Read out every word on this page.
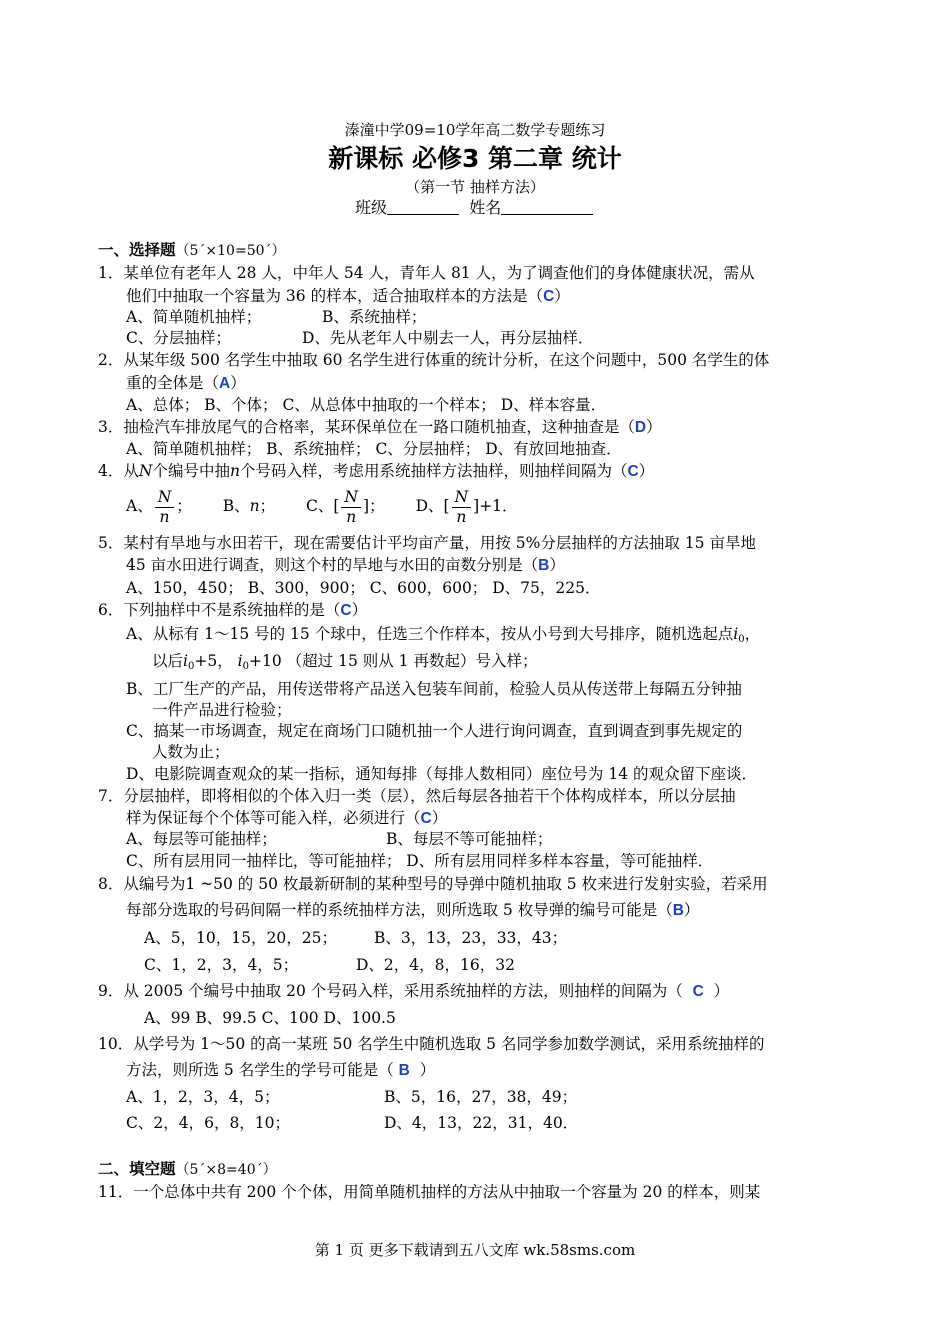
溱潼中学09=10学年高二数学专题练习
新课标 必修3 第二章 统计
（第一节 抽样方法）
班级	姓名
一、选择题（5´×10=50´）
1．某单位有老年人 28 人，中年人 54 人，青年人 81 人，为了调查他们的身体健康状况，需从
他们中抽取一个容量为 36 的样本，适合抽取样本的方法是（C）
A、简单随机抽样；	B、系统抽样；
C、分层抽样；	D、先从老年人中剔去一人，再分层抽样．
2．从某年级 500 名学生中抽取 60 名学生进行体重的统计分析，在这个问题中，500 名学生的体
重的全体是（A）
A、总体； B、个体； C、从总体中抽取的一个样本； D、样本容量．
3．抽检汽车排放尾气的合格率，某环保单位在一路口随机抽查，这种抽查是（D）
A、简单随机抽样； B、系统抽样； C、分层抽样； D、有放回地抽查．
4．从N个编号中抽n个号码入样，考虑用系统抽样方法抽样，则抽样间隔为（C）
A、 $\frac{N}{n}$ ； B、n； C、[ $\frac{N}{n}$ ]； D、[ $\frac{N}{n} ]+1$．
5．某村有旱地与水田若干，现在需要估计平均亩产量，用按 5%分层抽样的方法抽取 15 亩旱地
45 亩水田进行调查，则这个村的旱地与水田的亩数分别是（B）
A、150，450； B、300，900； C、600，600； D、75，225．
6．下列抽样中不是系统抽样的是（C）
A、从标有 1～15 号的 15 个球中，任选三个作样本，按从小号到大号排序，随机选起点$i_0$，
以后$i_0+5$， $i_0+10$ （超过 15 则从 1 再数起）号入样；
B、工厂生产的产品，用传送带将产品送入包装车间前，检验人员从传送带上每隔五分钟抽
一件产品进行检验；
C、搞某一市场调查，规定在商场门口随机抽一个人进行询问调查，直到调查到事先规定的
人数为止；
D、电影院调查观众的某一指标，通知每排（每排人数相同）座位号为 14 的观众留下座谈．
7．分层抽样，即将相似的个体入归一类（层），然后每层各抽若干个体构成样本，所以分层抽
样为保证每个个体等可能入样，必须进行（C）
A、每层等可能抽样；	B、每层不等可能抽样；
C、所有层用同一抽样比，等可能抽样； D、所有层用同样多样本容量，等可能抽样．
8．从编号为1 ~50 的 50 枚最新研制的某种型号的导弹中随机抽取 5 枚来进行发射实验，若采用
每部分选取的号码间隔一样的系统抽样方法，则所选取 5 枚导弹的编号可能是（B）
A、5，10，15，20，25； B、3，13，23，33，43；
C、1，2，3，4，5；	D、2，4，8，16，32
9．从 2005 个编号中抽取 20 个号码入样，采用系统抽样的方法，则抽样的间隔为（ C ）
A、99 B、99.5 C、100 D、100.5
10．从学号为 1～50 的高一某班 50 名学生中随机选取 5 名同学参加数学测试，采用系统抽样的
方法，则所选 5 名学生的学号可能是（ B ）
A、1，2，3，4，5；	B、5，16，27，38，49；
C、2，4，6，8，10；	D、4，13，22，31，40．
二、填空题（5´×8=40´）
11．一个总体中共有 200 个个体，用简单随机抽样的方法从中抽取一个容量为 20 的样本，则某
第 1 页 更多下载请到五八文库 wk.58sms.com
